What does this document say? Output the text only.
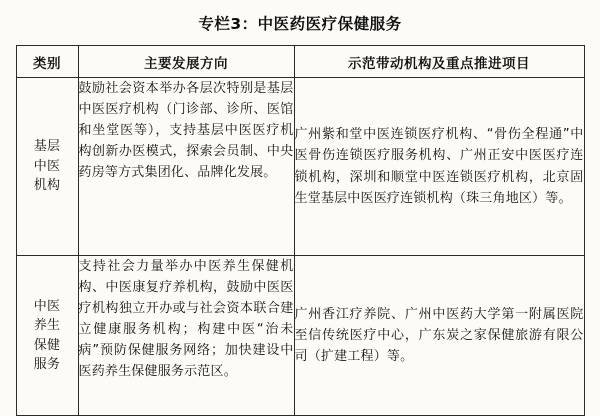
专栏3：中医药医疗保健服务
类别	主要发展方向	示范带动机构及重点推进项目

基层
中医
机构	鼓励社会资本举办各层次特别是基层中医医疗机构（门诊部、诊所、医馆和坐堂医等），支持基层中医医疗机构创新办医模式，探索会员制、中央药房等方式集团化、品牌化发展。	广州紫和堂中医连锁医疗机构、“骨伤全程通”中医骨伤连锁医疗服务机构、广州正安中医医疗连锁机构，深圳和顺堂中医连锁医疗机构，北京固生堂基层中医医疗连锁机构（珠三角地区）等。

中医
养生
保健
服务	支持社会力量举办中医养生保健机构、中医康复疗养机构，鼓励中医医疗机构独立开办或与社会资本联合建立健康服务机构；构建中医“治未病”预防保健服务网络；加快建设中医药养生保健服务示范区。	广州香江疗养院、广州中医药大学第一附属医院至信传统医疗中心，广东炭之家保健旅游有限公司（扩建工程）等。
